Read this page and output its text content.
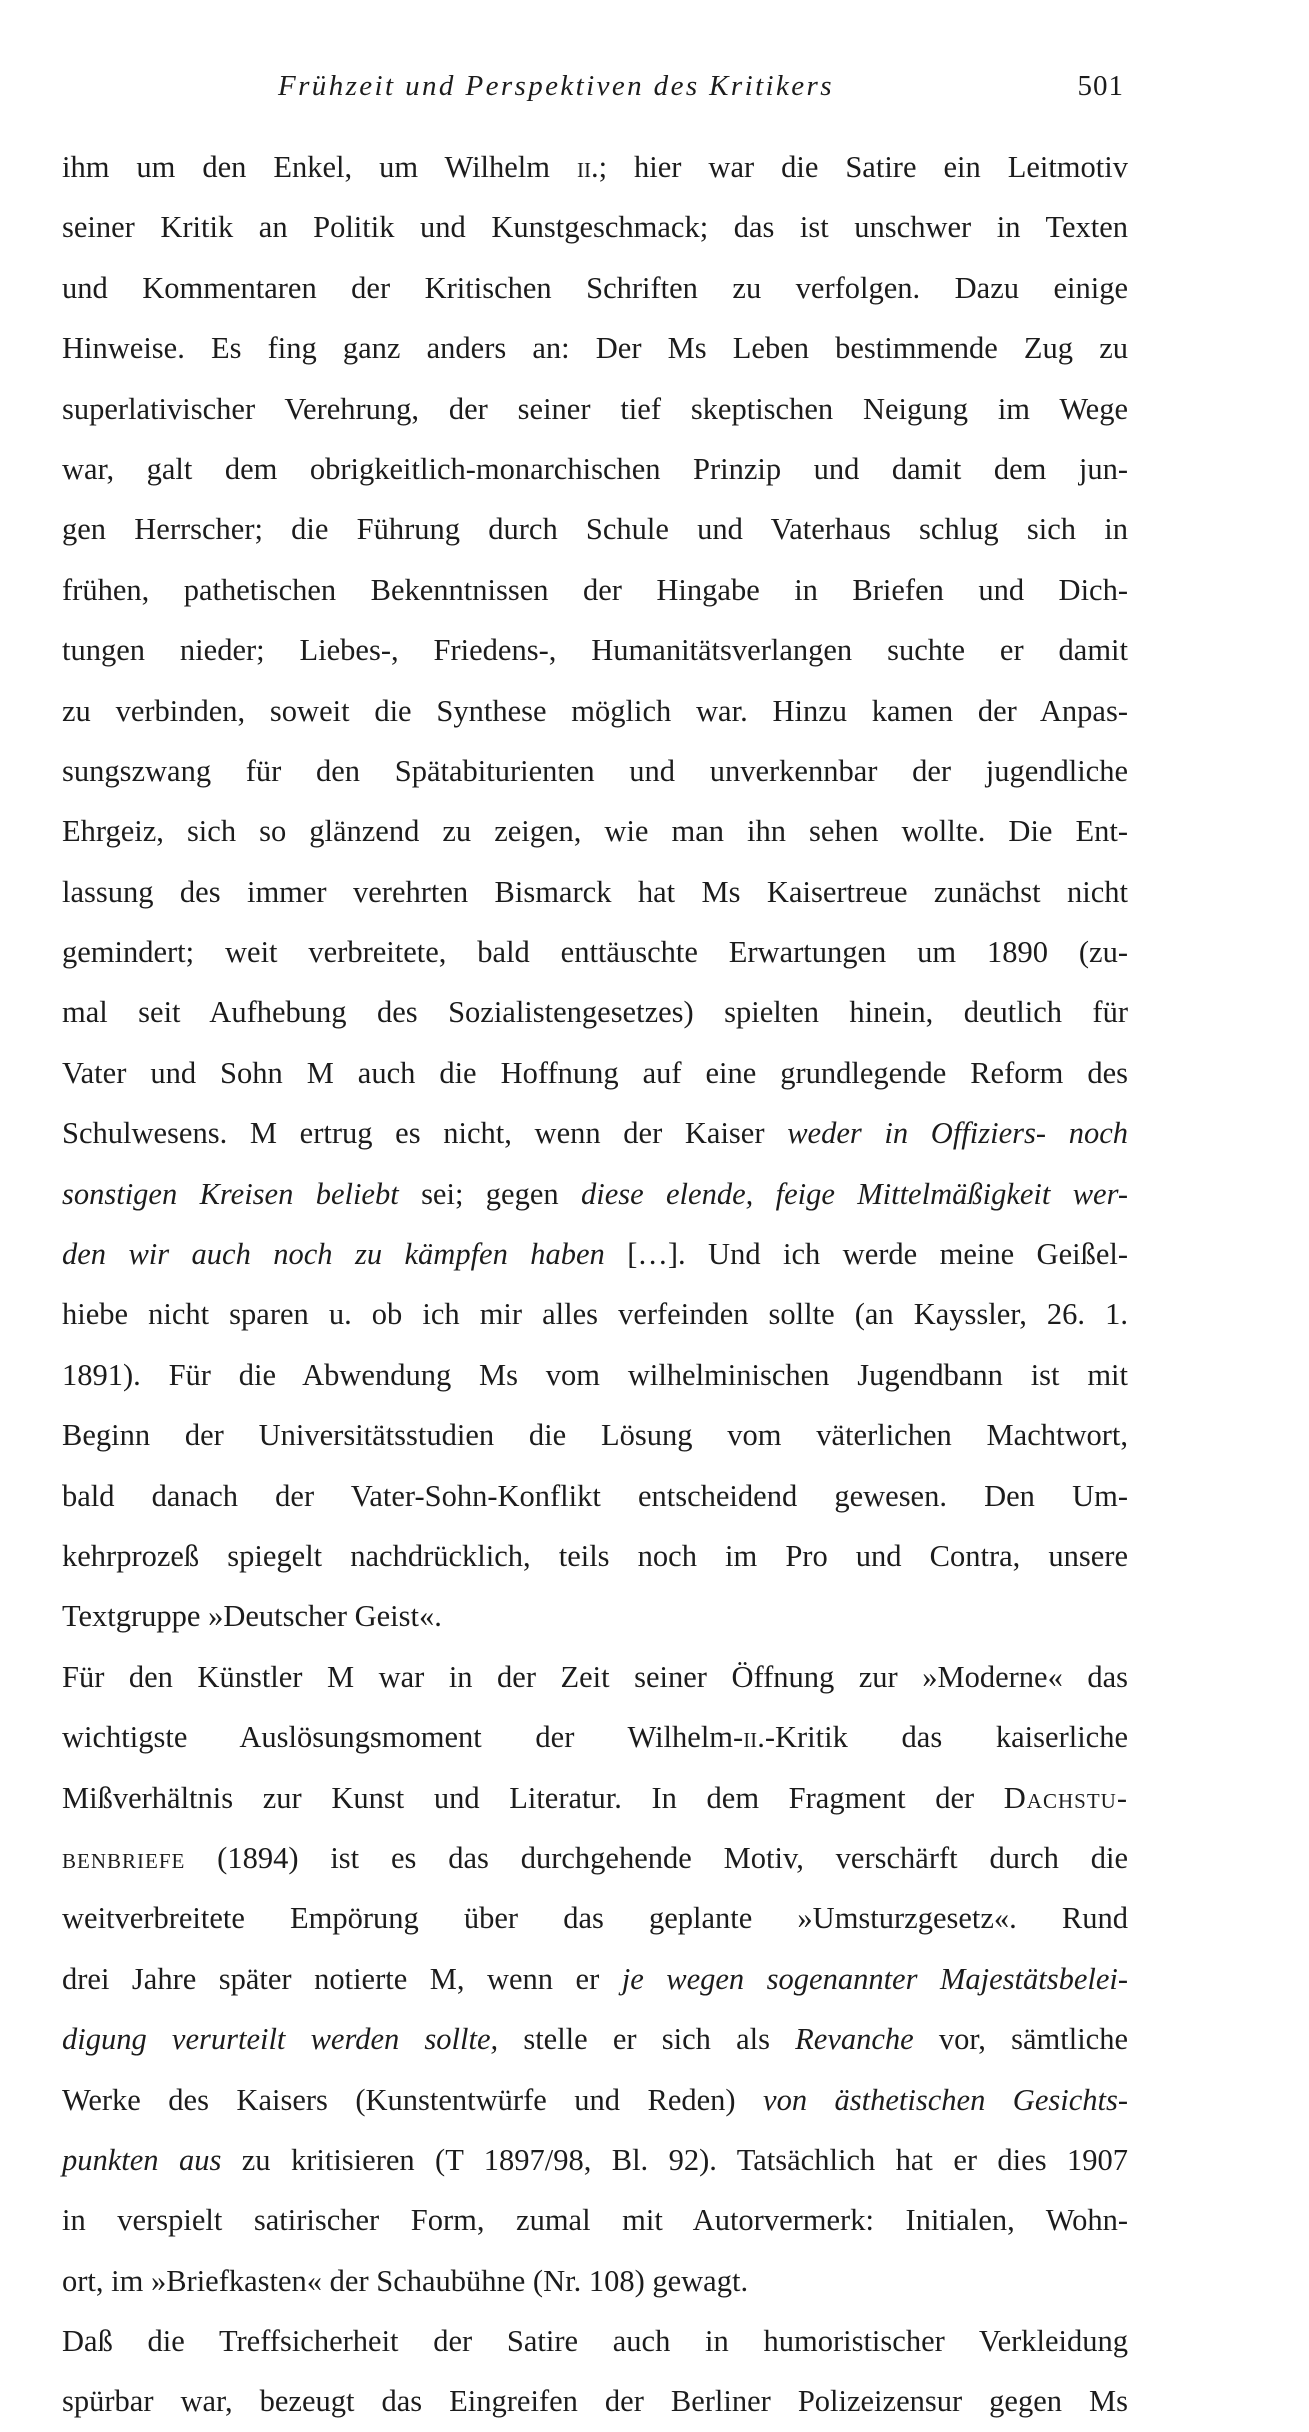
Frühzeit und Perspektiven des Kritikers	501
ihm um den Enkel, um Wilhelm ii.; hier war die Satire ein Leitmotiv
seiner Kritik an Politik und Kunstgeschmack; das ist unschwer in Texten
und Kommentaren der Kritischen Schriften zu verfolgen. Dazu einige
Hinweise. Es fing ganz anders an: Der Ms Leben bestimmende Zug zu
superlativischer Verehrung, der seiner tief skeptischen Neigung im Wege
war, galt dem obrigkeitlich-monarchischen Prinzip und damit dem jun-
gen Herrscher; die Führung durch Schule und Vaterhaus schlug sich in
frühen, pathetischen Bekenntnissen der Hingabe in Briefen und Dich-
tungen nieder; Liebes-, Friedens-, Humanitätsverlangen suchte er damit
zu verbinden, soweit die Synthese möglich war. Hinzu kamen der Anpas-
sungszwang für den Spätabiturienten und unverkennbar der jugendliche
Ehrgeiz, sich so glänzend zu zeigen, wie man ihn sehen wollte. Die Ent-
lassung des immer verehrten Bismarck hat Ms Kaisertreue zunächst nicht
gemindert; weit verbreitete, bald enttäuschte Erwartungen um 1890 (zu-
mal seit Aufhebung des Sozialistengesetzes) spielten hinein, deutlich für
Vater und Sohn M auch die Hoffnung auf eine grundlegende Reform des
Schulwesens. M ertrug es nicht, wenn der Kaiser weder in Offiziers- noch
sonstigen Kreisen beliebt sei; gegen diese elende, feige Mittelmäßigkeit wer-
den wir auch noch zu kämpfen haben […]. Und ich werde meine Geißel-
hiebe nicht sparen u. ob ich mir alles verfeinden sollte (an Kayssler, 26. 1.
1891). Für die Abwendung Ms vom wilhelminischen Jugendbann ist mit
Beginn der Universitätsstudien die Lösung vom väterlichen Machtwort,
bald danach der Vater-Sohn-Konflikt entscheidend gewesen. Den Um-
kehrprozeß spiegelt nachdrücklich, teils noch im Pro und Contra, unsere
Textgruppe »Deutscher Geist«.
Für den Künstler M war in der Zeit seiner Öffnung zur »Moderne« das
wichtigste Auslösungsmoment der Wilhelm-ii.-Kritik das kaiserliche
Mißverhältnis zur Kunst und Literatur. In dem Fragment der Dachstu-
benbriefe (1894) ist es das durchgehende Motiv, verschärft durch die
weitverbreitete Empörung über das geplante »Umsturzgesetz«. Rund
drei Jahre später notierte M, wenn er je wegen sogenannter Majestätsbelei-
digung verurteilt werden sollte, stelle er sich als Revanche vor, sämtliche
Werke des Kaisers (Kunstentwürfe und Reden) von ästhetischen Gesichts-
punkten aus zu kritisieren (T 1897/98, Bl. 92). Tatsächlich hat er dies 1907
in verspielt satirischer Form, zumal mit Autorvermerk: Initialen, Wohn-
ort, im »Briefkasten« der Schaubühne (Nr. 108) gewagt.
Daß die Treffsicherheit der Satire auch in humoristischer Verkleidung
spürbar war, bezeugt das Eingreifen der Berliner Polizeizensur gegen Ms
